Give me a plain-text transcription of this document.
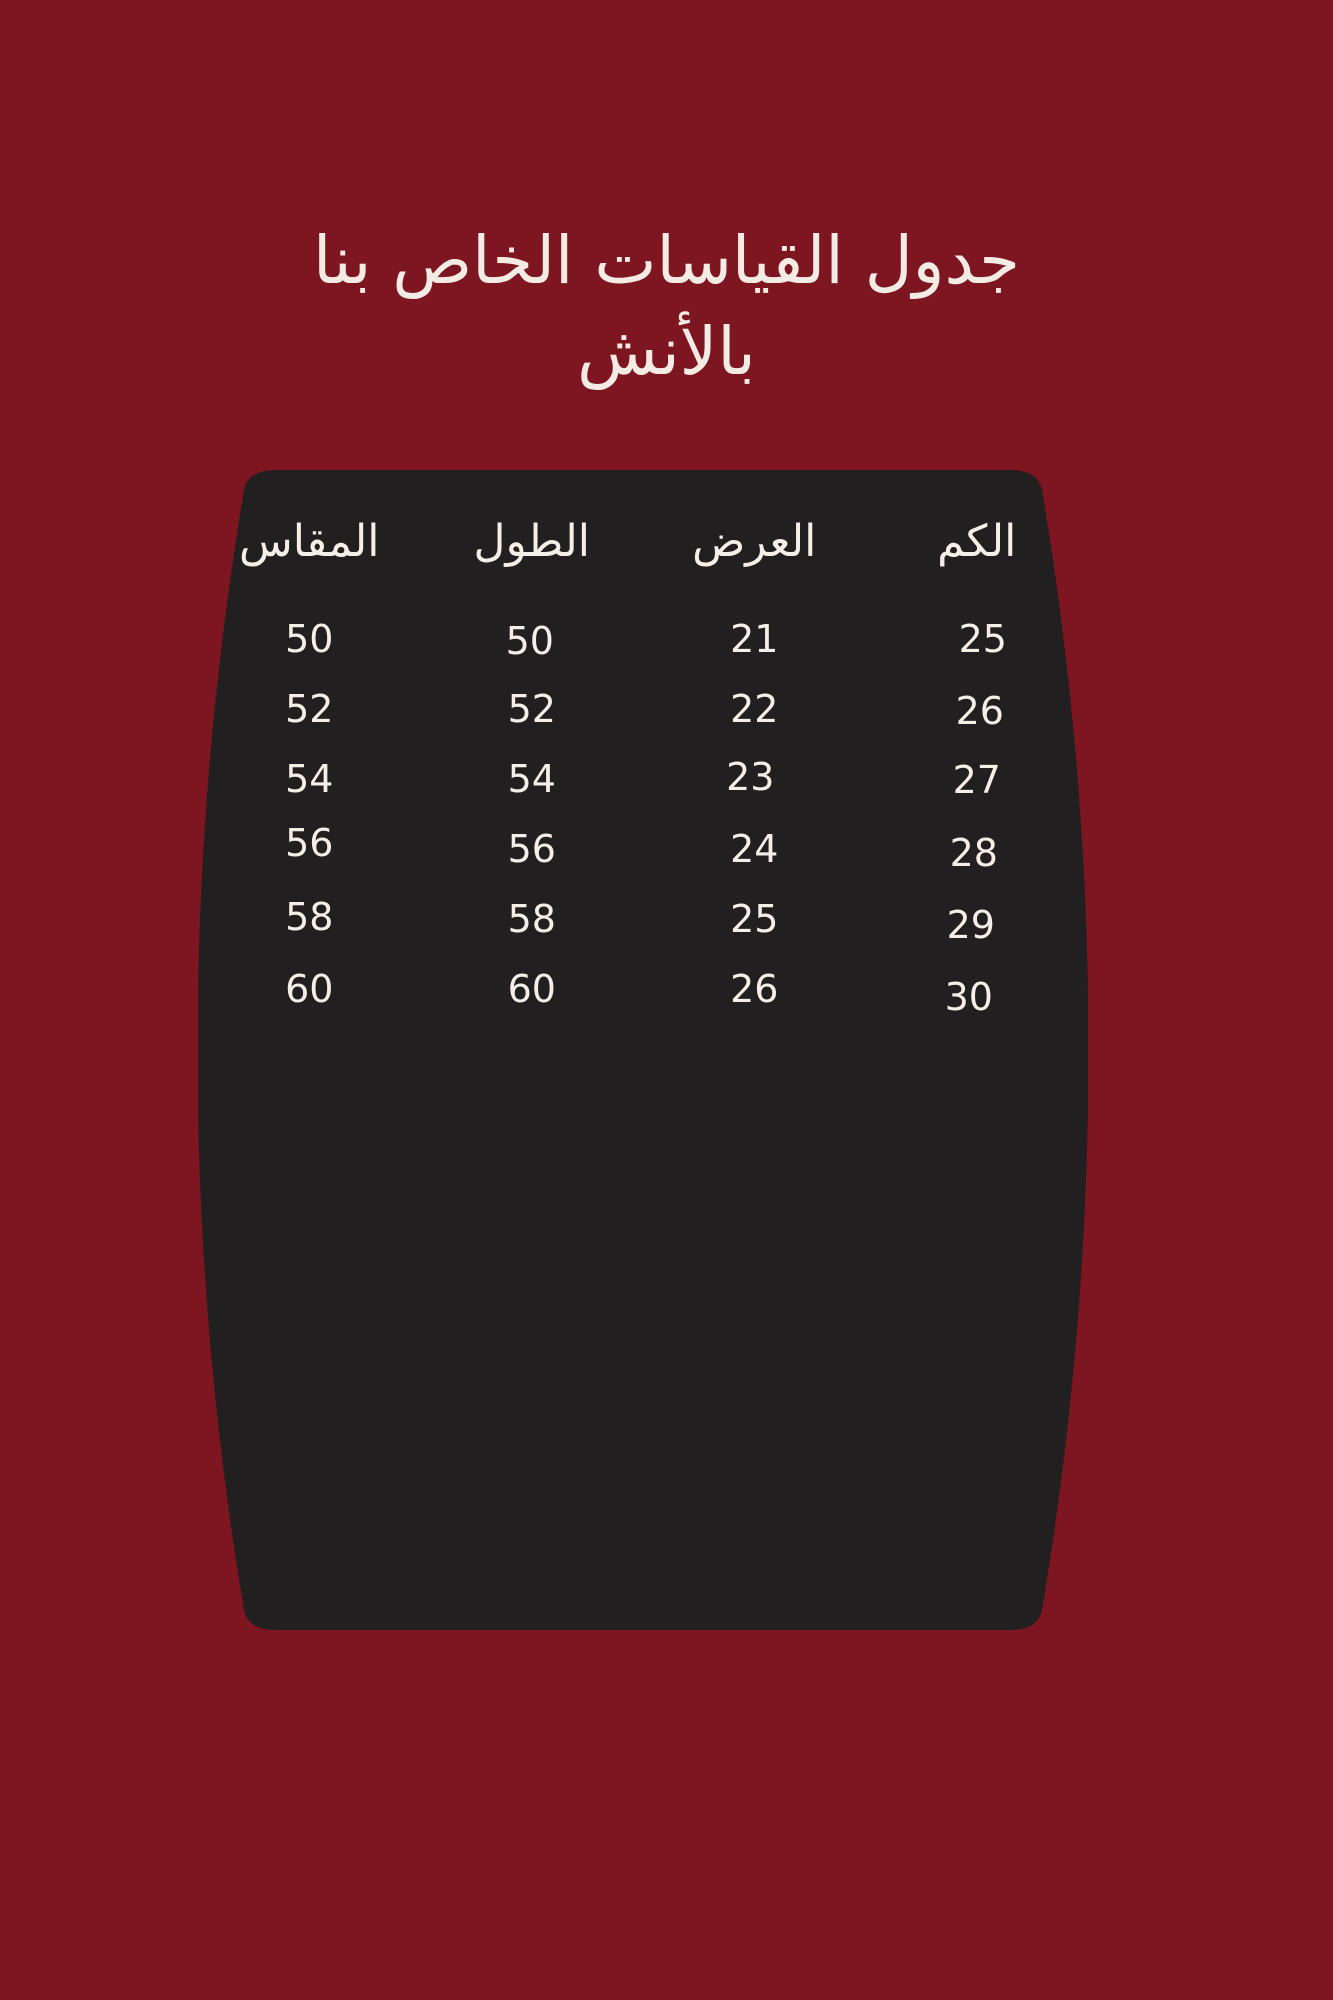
جدول القياسات الخاص بنا
بالأنش
الكم
العرض
الطول
المقاس
25
21
50
50
26
22
52
52
27
23
54
54
28
24
56
56
29
25
58
58
30
26
60
60
